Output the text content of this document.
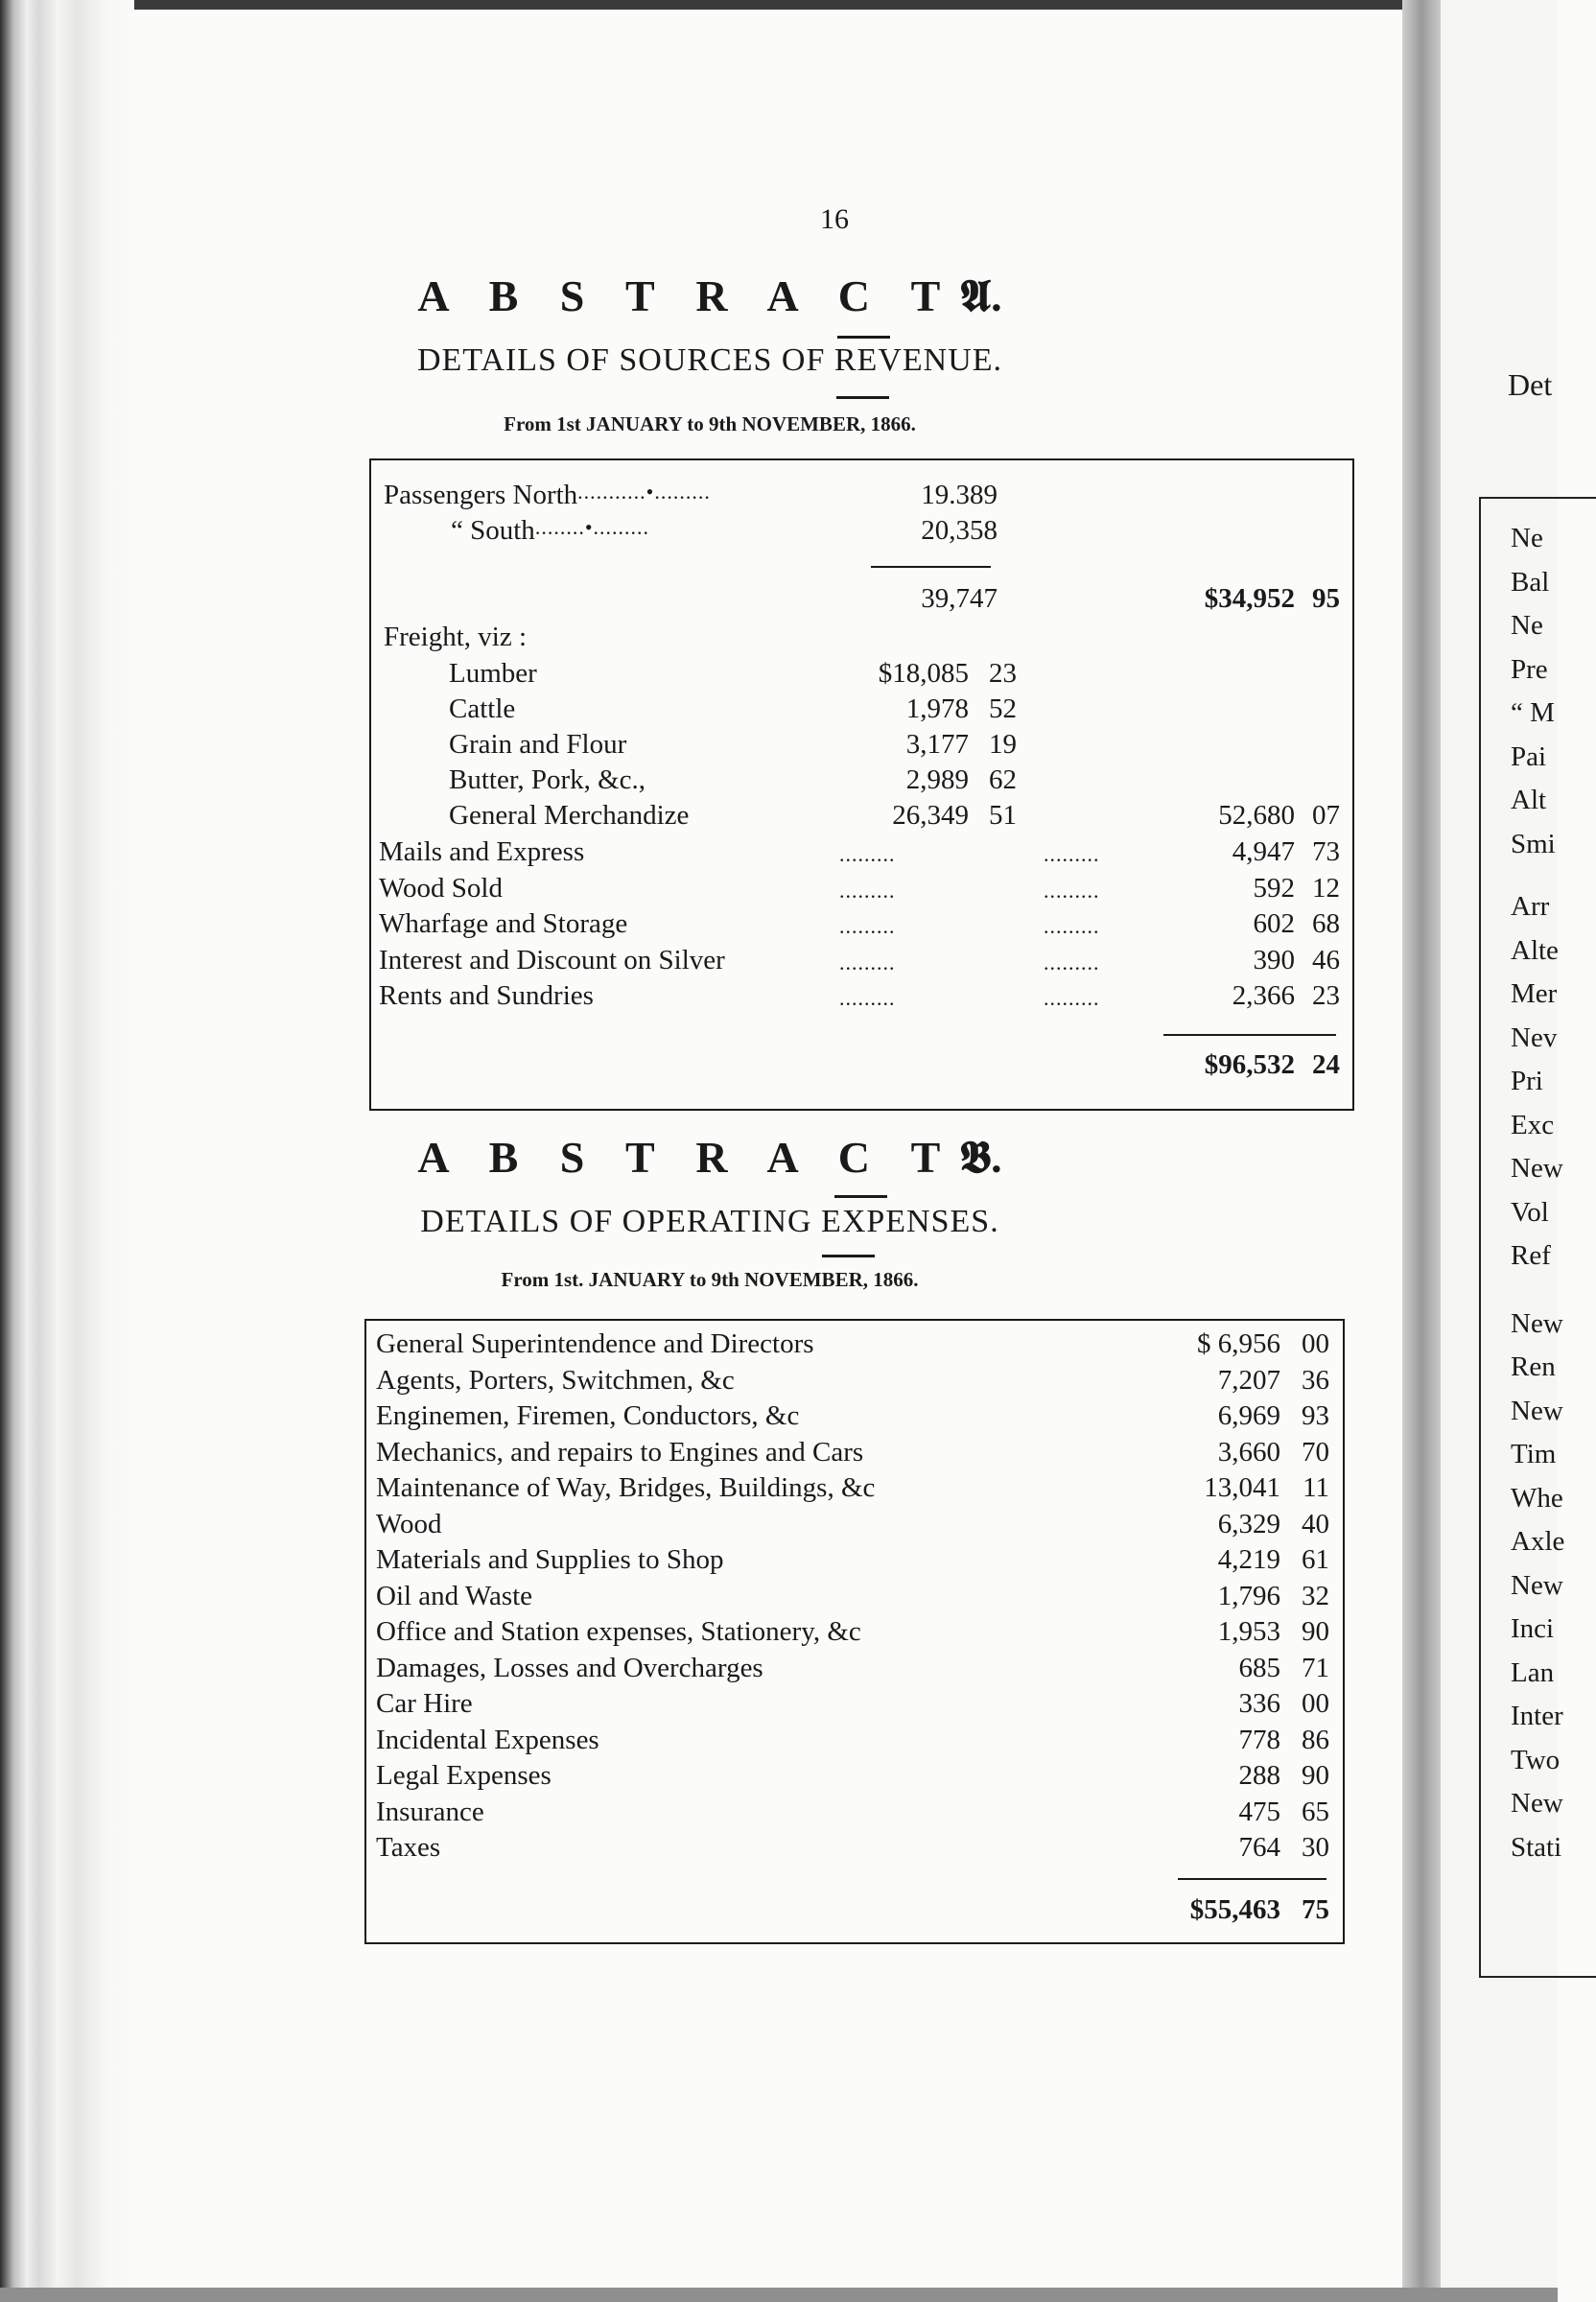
Det
Ne
Bal
Ne
Pre
“ M
Pai
Alt
Smi
Arr
Alte
Mer
Nev
Pri
Exc
New
Vol
Ref
New
Ren
New
Tim
Whe
Axle
New
Inci
Lan
Inter
Two
New
Stati
16
A B S T R A C T 𝕬.
DETAILS OF SOURCES OF REVENUE.
From 1st JANUARY to 9th NOVEMBER, 1866.
Passengers North ...........•.........	19.389
“ South ........•.........	20,358
39,747	$34,952 95
Freight, viz :
Lumber	$18,085 23
Cattle	1,978 52
Grain and Flour	3,177 19
Butter, Pork, &c.,	2,989 62
General Merchandize	26,349 51	52,680 07
Mails and Express	.........	.........	4,947 73
Wood Sold	.........	.........	592 12
Wharfage and Storage	.........	.........	602 68
Interest and Discount on Silver	.........	.........	390 46
Rents and Sundries	.........	.........	2,366 23
$96,532 24
A B S T R A C T 𝕭.
DETAILS OF OPERATING EXPENSES.
From 1st. JANUARY to 9th NOVEMBER, 1866.
General Superintendence and Directors	$ 6,956 00
Agents, Porters, Switchmen, &c	7,207 36
Enginemen, Firemen, Conductors, &c	6,969 93
Mechanics, and repairs to Engines and Cars	3,660 70
Maintenance of Way, Bridges, Buildings, &c	13,041 11
Wood	6,329 40
Materials and Supplies to Shop	4,219 61
Oil and Waste	1,796 32
Office and Station expenses, Stationery, &c	1,953 90
Damages, Losses and Overcharges	685 71
Car Hire	336 00
Incidental Expenses	778 86
Legal Expenses	288 90
Insurance	475 65
Taxes	764 30
$55,463 75
